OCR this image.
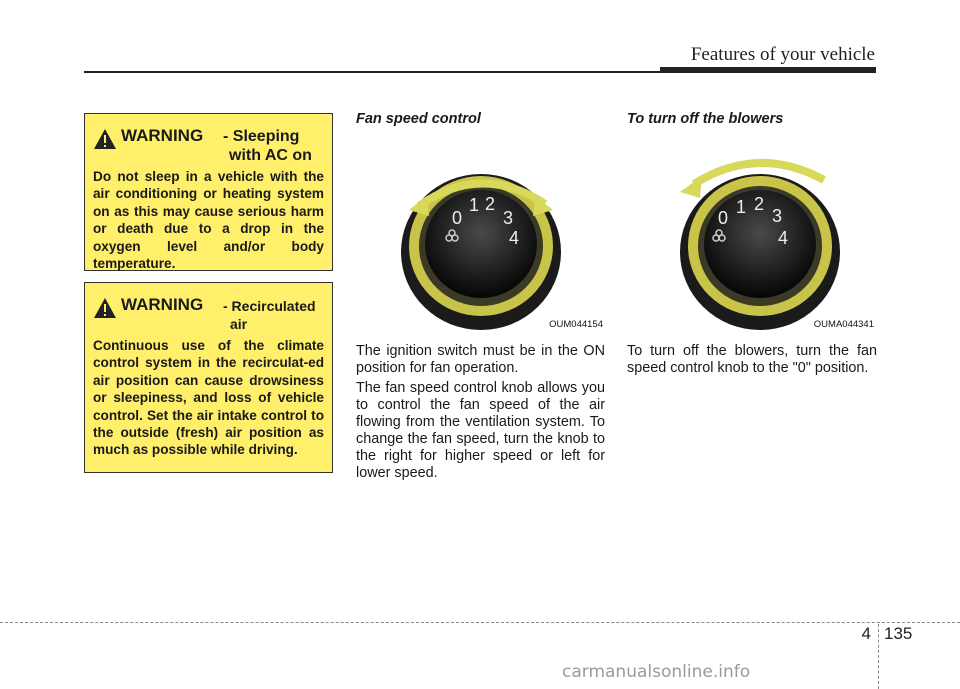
Features of your vehicle
WARNING - Sleeping
with AC on
Do not sleep in a vehicle with the air conditioning or heating system on as this may cause serious harm or death due to a drop in the oxygen level and/or body temperature.
WARNING - Recirculated
air
Continuous use of the climate control system in the recirculat-ed air position can cause drowsiness or sleepiness, and loss of vehicle control. Set the air intake control to the outside (fresh) air position as much as possible while driving.
Fan speed control
0
1 2
3
4
OUM044154

The ignition switch must be in the ON position for fan operation.

The fan speed control knob allows you to control the fan speed of the air flowing from the ventilation system. To change the fan speed, turn the knob to the right for higher speed or left for lower speed.

To turn off the blowers
0
1 2
3
4
OUMA044341

To turn off the blowers, turn the fan speed control knob to the "0" position.

4 135
carmanualsonline.info
